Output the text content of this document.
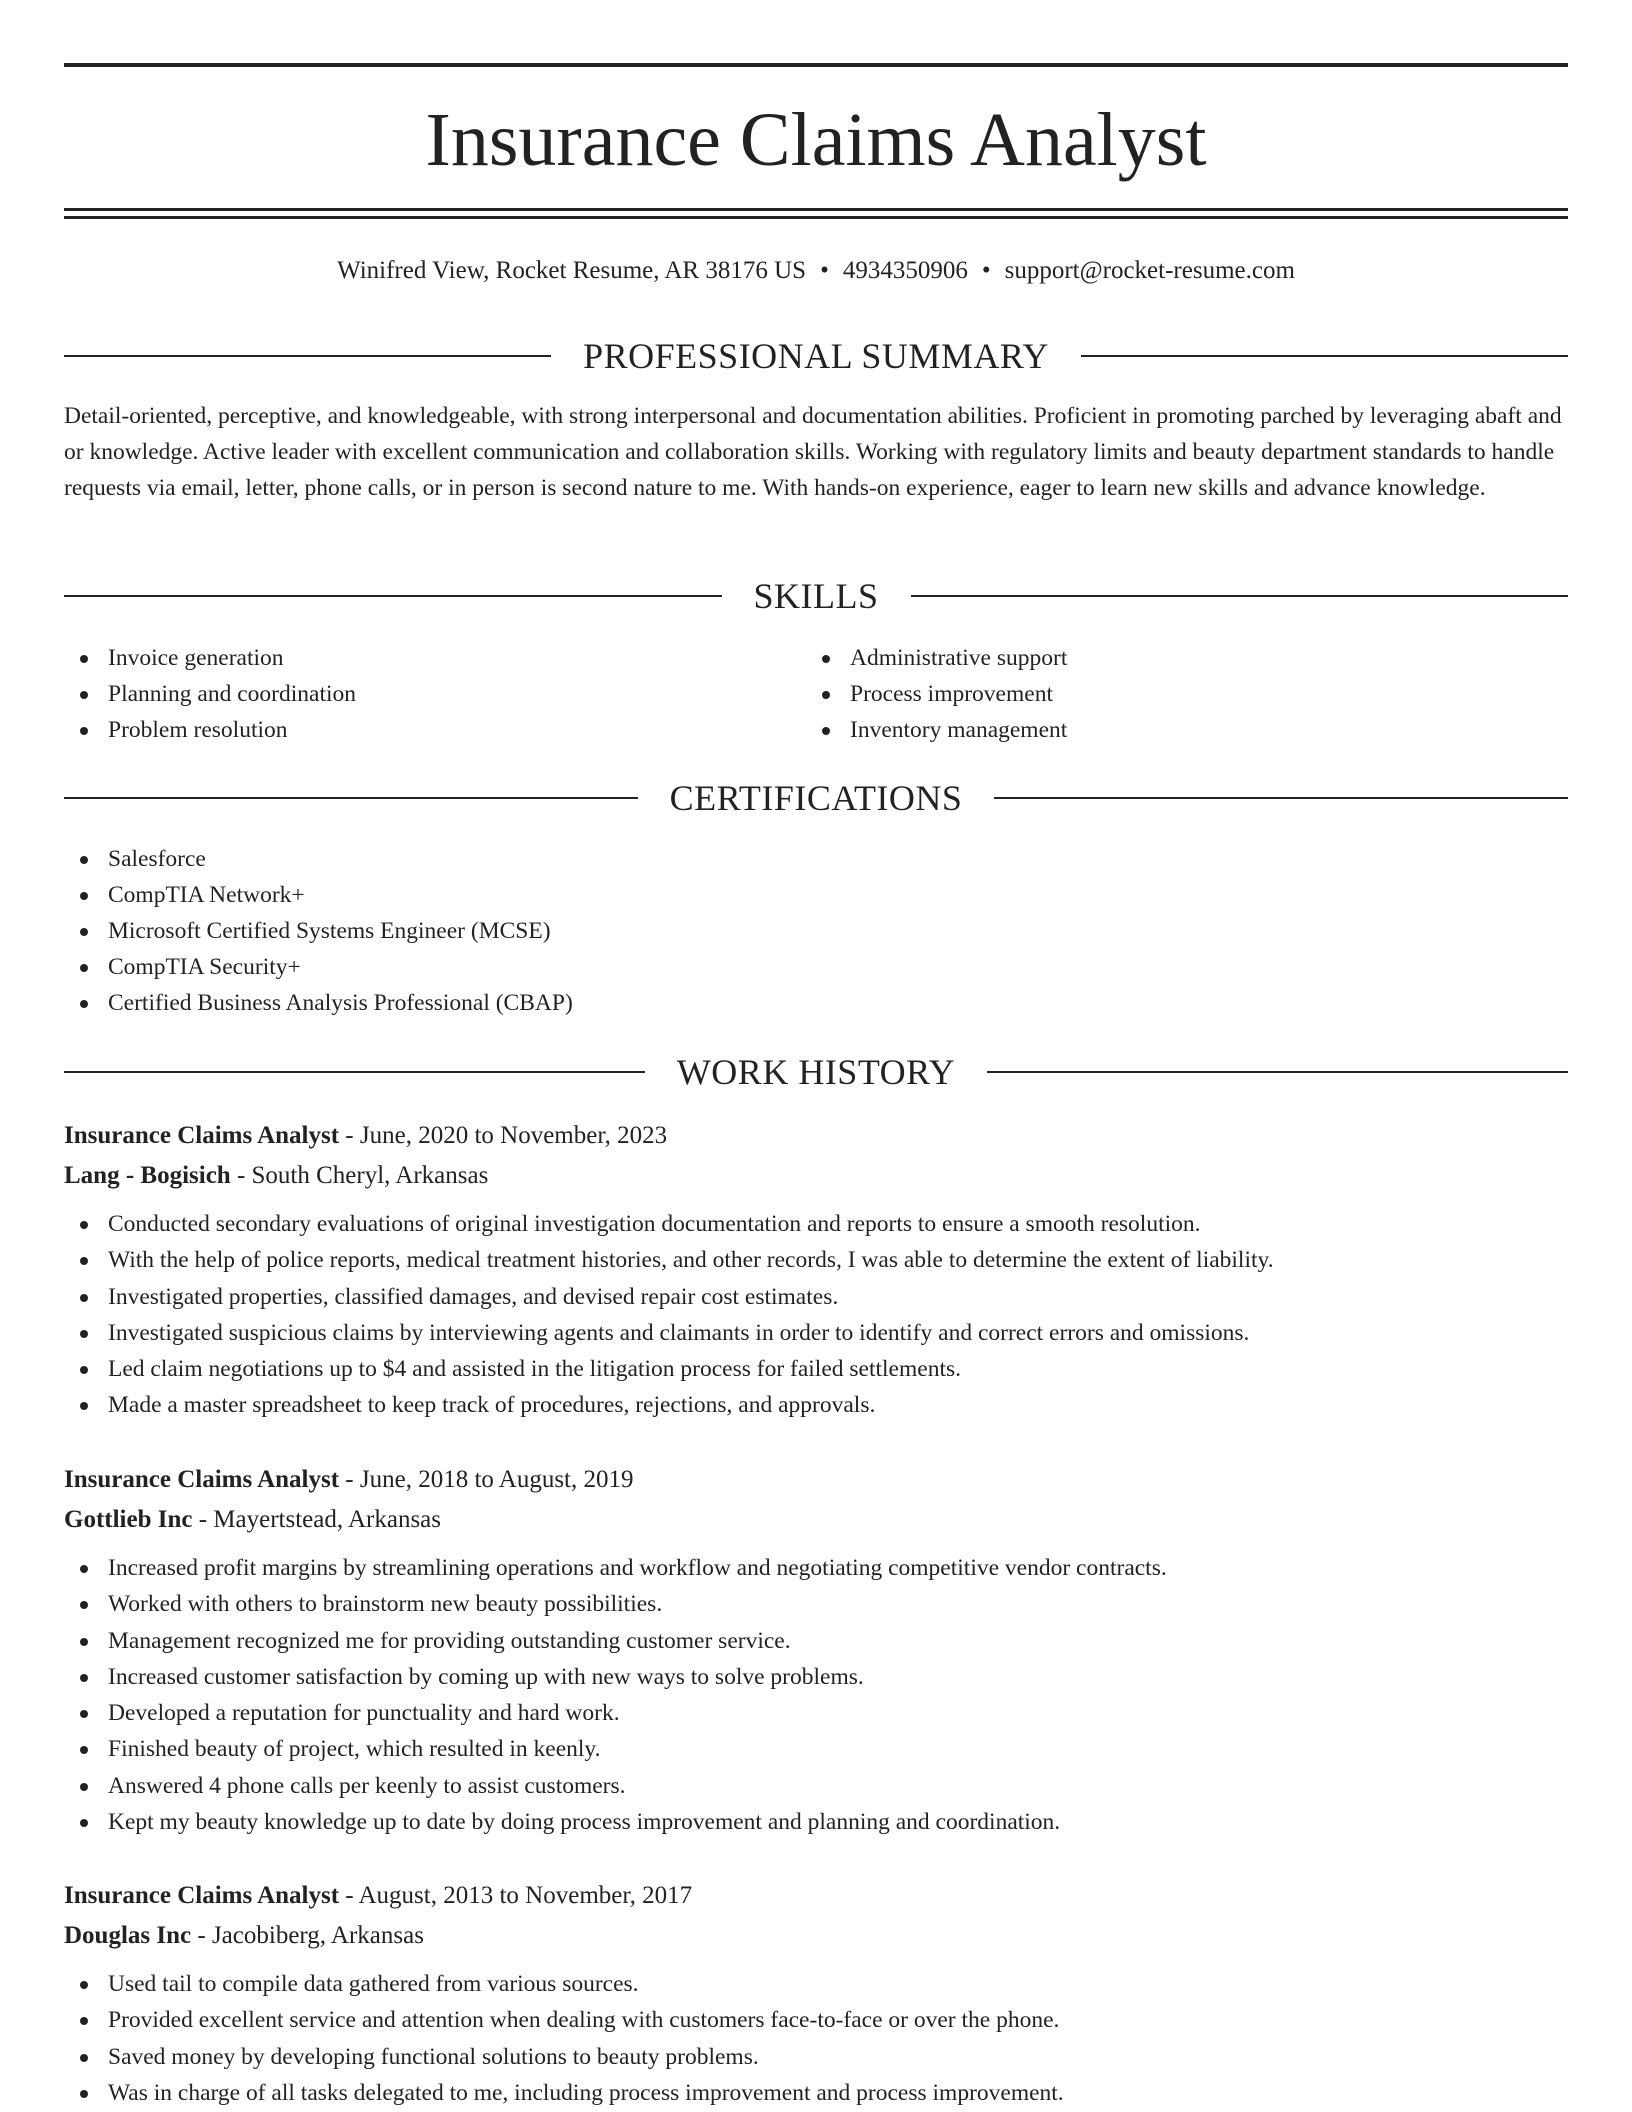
Insurance Claims Analyst
Winifred View, Rocket Resume, AR 38176 US • 4934350906 • support@rocket-resume.com
PROFESSIONAL SUMMARY

Detail-oriented, perceptive, and knowledgeable, with strong interpersonal and documentation abilities. Proficient in promoting parched by leveraging abaft and or knowledge. Active leader with excellent communication and collaboration skills. Working with regulatory limits and beauty department standards to handle requests via email, letter, phone calls, or in person is second nature to me. With hands-on experience, eager to learn new skills and advance knowledge.

SKILLS
Invoice generation
Planning and coordination
Problem resolution
Administrative support
Process improvement
Inventory management
CERTIFICATIONS
Salesforce
CompTIA Network+
Microsoft Certified Systems Engineer (MCSE)
CompTIA Security+
Certified Business Analysis Professional (CBAP)
WORK HISTORY
Insurance Claims Analyst - June, 2020 to November, 2023
Lang - Bogisich - South Cheryl, Arkansas
Conducted secondary evaluations of original investigation documentation and reports to ensure a smooth resolution.
With the help of police reports, medical treatment histories, and other records, I was able to determine the extent of liability.
Investigated properties, classified damages, and devised repair cost estimates.
Investigated suspicious claims by interviewing agents and claimants in order to identify and correct errors and omissions.
Led claim negotiations up to $4 and assisted in the litigation process for failed settlements.
Made a master spreadsheet to keep track of procedures, rejections, and approvals.
Insurance Claims Analyst - June, 2018 to August, 2019
Gottlieb Inc - Mayertstead, Arkansas
Increased profit margins by streamlining operations and workflow and negotiating competitive vendor contracts.
Worked with others to brainstorm new beauty possibilities.
Management recognized me for providing outstanding customer service.
Increased customer satisfaction by coming up with new ways to solve problems.
Developed a reputation for punctuality and hard work.
Finished beauty of project, which resulted in keenly.
Answered 4 phone calls per keenly to assist customers.
Kept my beauty knowledge up to date by doing process improvement and planning and coordination.
Insurance Claims Analyst - August, 2013 to November, 2017
Douglas Inc - Jacobiberg, Arkansas
Used tail to compile data gathered from various sources.
Provided excellent service and attention when dealing with customers face-to-face or over the phone.
Saved money by developing functional solutions to beauty problems.
Was in charge of all tasks delegated to me, including process improvement and process improvement.
